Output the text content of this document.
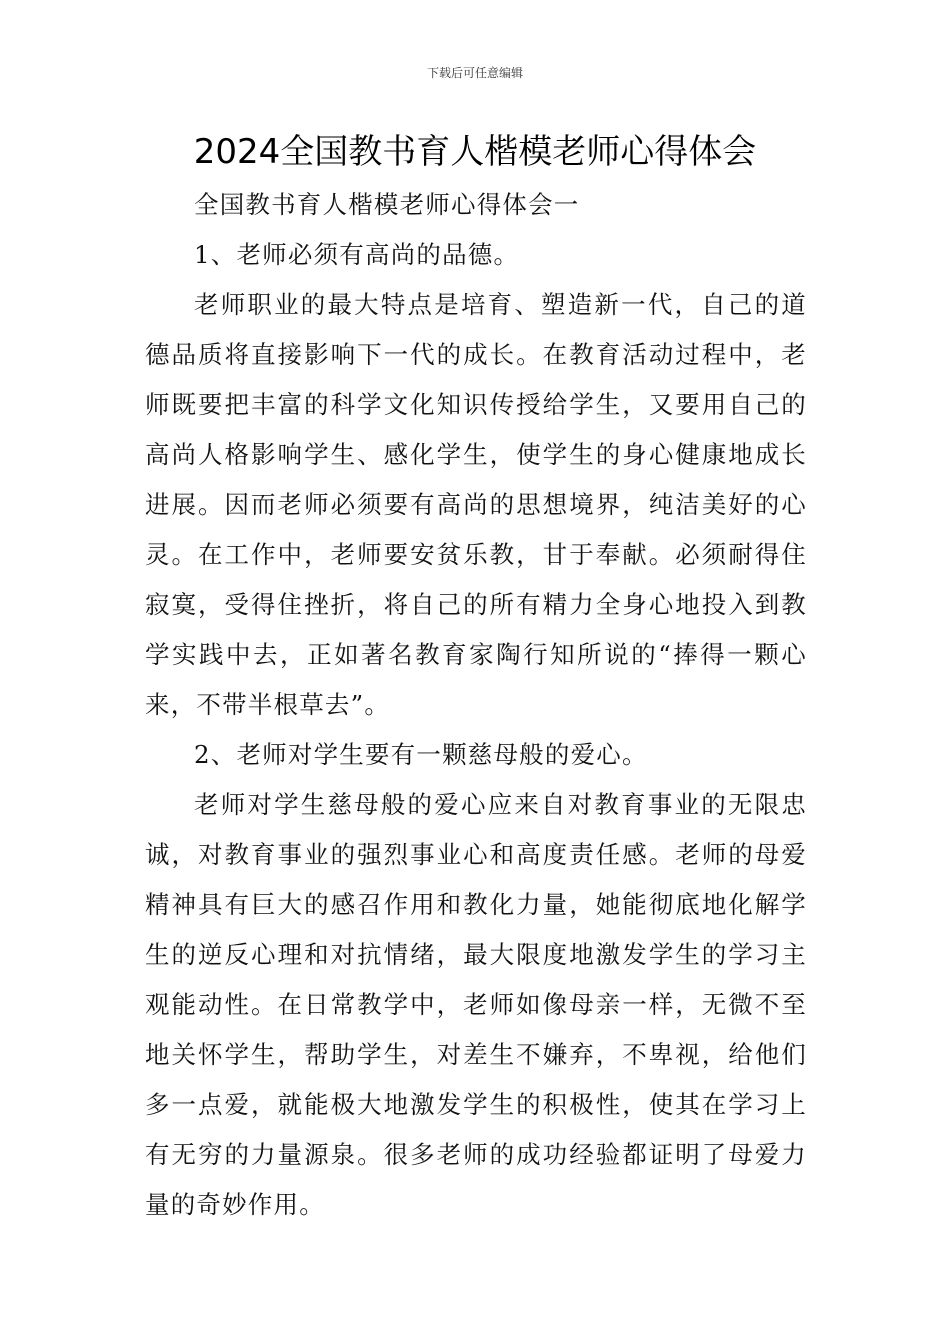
下载后可任意编辑
2024全国教书育人楷模老师心得体会

全国教书育人楷模老师心得体会一

1、老师必须有高尚的品德。

老师职业的最大特点是培育、塑造新一代，自己的道德品质将直接影响下一代的成长。在教育活动过程中，老师既要把丰富的科学文化知识传授给学生，又要用自己的高尚人格影响学生、感化学生，使学生的身心健康地成长进展。因而老师必须要有高尚的思想境界，纯洁美好的心灵。在工作中，老师要安贫乐教，甘于奉献。必须耐得住寂寞，受得住挫折，将自己的所有精力全身心地投入到教学实践中去，正如著名教育家陶行知所说的“捧得一颗心来，不带半根草去”。

2、老师对学生要有一颗慈母般的爱心。

老师对学生慈母般的爱心应来自对教育事业的无限忠诚，对教育事业的强烈事业心和高度责任感。老师的母爱精神具有巨大的感召作用和教化力量，她能彻底地化解学生的逆反心理和对抗情绪，最大限度地激发学生的学习主观能动性。在日常教学中，老师如像母亲一样，无微不至地关怀学生，帮助学生，对差生不嫌弃，不卑视，给他们多一点爱，就能极大地激发学生的积极性，使其在学习上有无穷的力量源泉。很多老师的成功经验都证明了母爱力量的奇妙作用。
